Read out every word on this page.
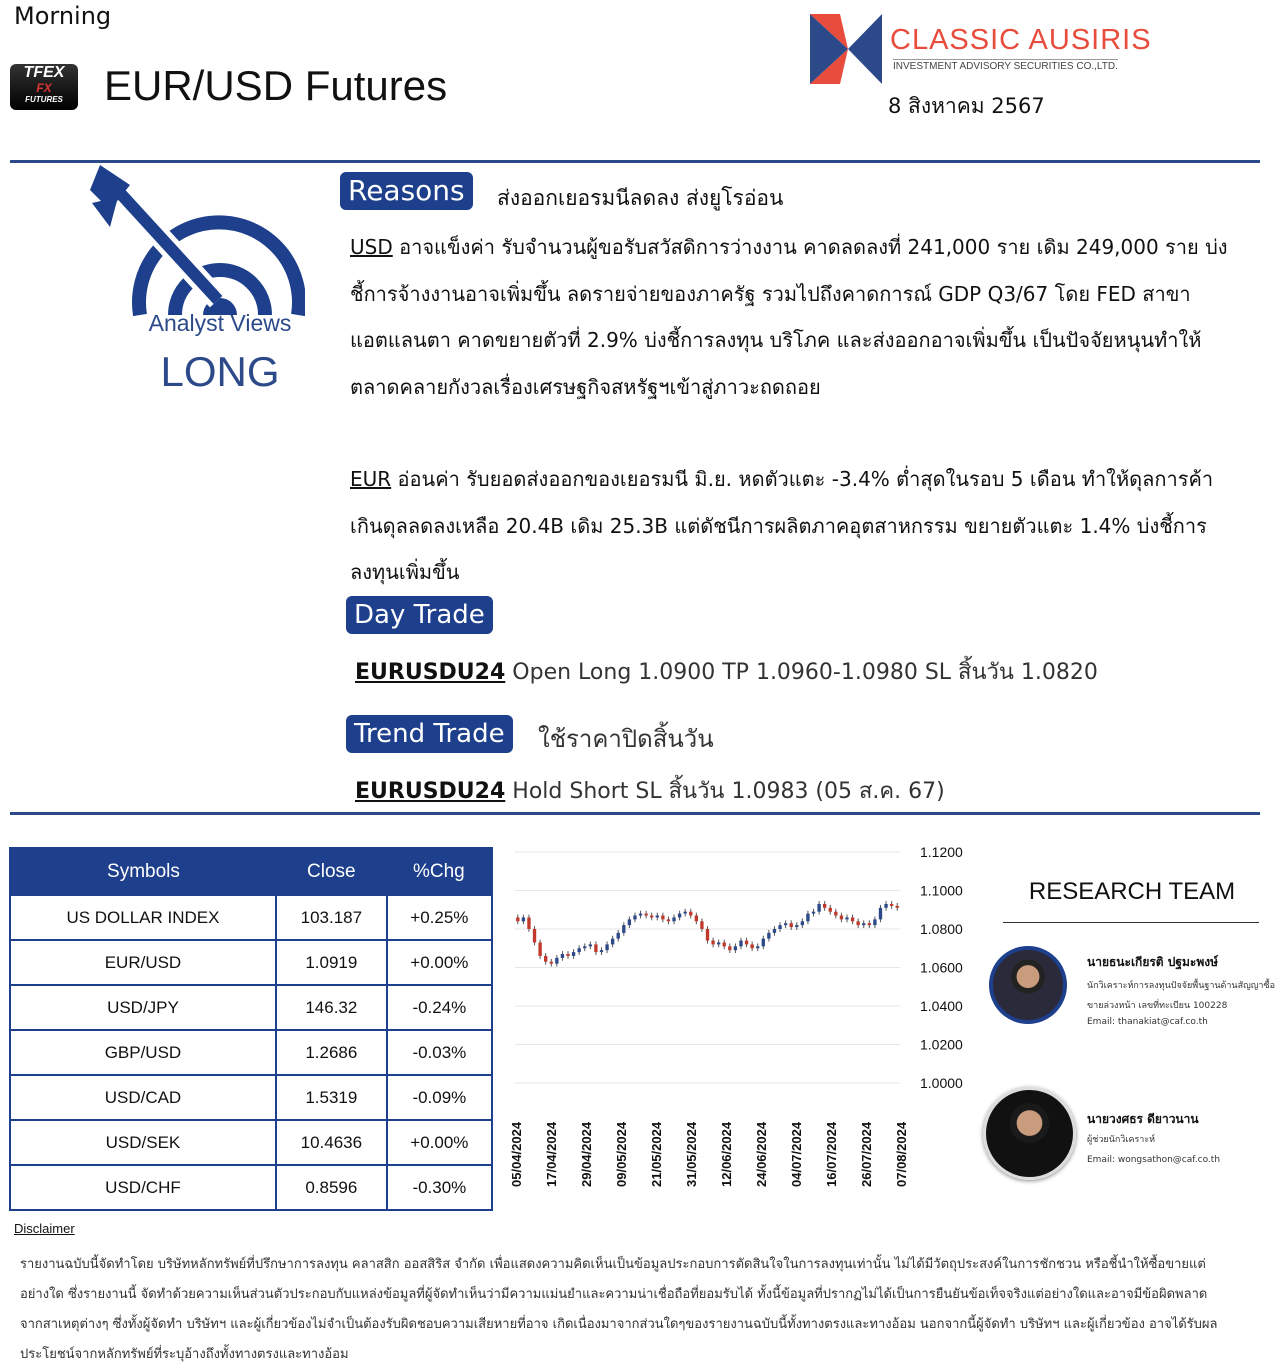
Morning
TFEX
FX
FUTURES EUR/USD Futures
CLASSIC AUSIRIS
INVESTMENT ADVISORY SECURITIES CO.,LTD.
8 สิงหาคม 2567
Analyst Views
LONG
Reasons	ส่งออกเยอรมนีลดลง ส่งยูโรอ่อน
USD อาจแข็งค่า รับจำนวนผู้ขอรับสวัสดิการว่างงาน คาดลดลงที่ 241,000 ราย เดิม 249,000 ราย บ่งชี้การจ้างงานอาจเพิ่มขึ้น ลดรายจ่ายของภาครัฐ รวมไปถึงคาดการณ์ GDP Q3/67 โดย FED สาขาแอตแลนตา คาดขยายตัวที่ 2.9% บ่งชี้การลงทุน บริโภค และส่งออกอาจเพิ่มขึ้น เป็นปัจจัยหนุนทำให้ตลาดคลายกังวลเรื่องเศรษฐกิจสหรัฐฯเข้าสู่ภาวะถดถอย
EUR อ่อนค่า รับยอดส่งออกของเยอรมนี มิ.ย. หดตัวแตะ -3.4% ต่ำสุดในรอบ 5 เดือน ทำให้ดุลการค้า เกินดุลลดลงเหลือ 20.4B เดิม 25.3B แต่ดัชนีการผลิตภาคอุตสาหกรรม ขยายตัวแตะ 1.4% บ่งชี้การลงทุนเพิ่มขึ้น
Day Trade
EURUSDU24 Open Long 1.0900 TP 1.0960-1.0980 SL สิ้นวัน 1.0820
Trend Trade	ใช้ราคาปิดสิ้นวัน
EURUSDU24 Hold Short SL สิ้นวัน 1.0983 (05 ส.ค. 67)
Symbols	Close	%Chg
US DOLLAR INDEX	103.187	+0.25%
EUR/USD	1.0919	+0.00%
USD/JPY	146.32	-0.24%
GBP/USD	1.2686	-0.03%
USD/CAD	1.5319	-0.09%
USD/SEK	10.4636	+0.00%
USD/CHF	0.8596	-0.30%
1.1200
1.1000
1.0800
1.0600
1.0400
1.0200
1.0000
05/04/2024 17/04/2024 29/04/2024 09/05/2024 21/05/2024 31/05/2024 12/06/2024 24/06/2024 04/07/2024 16/07/2024 26/07/2024 07/08/2024
RESEARCH TEAM
นายธนะเกียรติ ปฐมะพงษ์
นักวิเคราะห์การลงทุนปัจจัยพื้นฐานด้านสัญญาซื้อขายล่วงหน้า เลขที่ทะเบียน 100228
Email: thanakiat@caf.co.th
นายวงศธร ดียาวนาน
ผู้ช่วยนักวิเคราะห์
Email: wongsathon@caf.co.th
Disclaimer
รายงานฉบับนี้จัดทำโดย บริษัทหลักทรัพย์ที่ปรึกษาการลงทุน คลาสสิก ออสสิริส จำกัด เพื่อแสดงความคิดเห็นเป็นข้อมูลประกอบการตัดสินใจในการลงทุนเท่านั้น ไม่ได้มีวัตถุประสงค์ในการชักชวน หรือชี้นำให้ซื้อขายแต่อย่างใด ซึ่งรายงานนี้ จัดทำด้วยความเห็นส่วนตัวประกอบกับแหล่งข้อมูลที่ผู้จัดทำเห็นว่ามีความแม่นยำและความน่าเชื่อถือที่ยอมรับได้ ทั้งนี้ข้อมูลที่ปรากฏไม่ได้เป็นการยืนยันข้อเท็จจริงแต่อย่างใดและอาจมีข้อผิดพลาดจากสาเหตุต่างๆ ซึ่งทั้งผู้จัดทำ บริษัทฯ และผู้เกี่ยวข้องไม่จำเป็นต้องรับผิดชอบความเสียหายที่อาจ เกิดเนื่องมาจากส่วนใดๆของรายงานฉบับนี้ทั้งทางตรงและทางอ้อม นอกจากนี้ผู้จัดทำ บริษัทฯ และผู้เกี่ยวข้อง อาจได้รับผลประโยชน์จากหลักทรัพย์ที่ระบุอ้างถึงทั้งทางตรงและทางอ้อม
